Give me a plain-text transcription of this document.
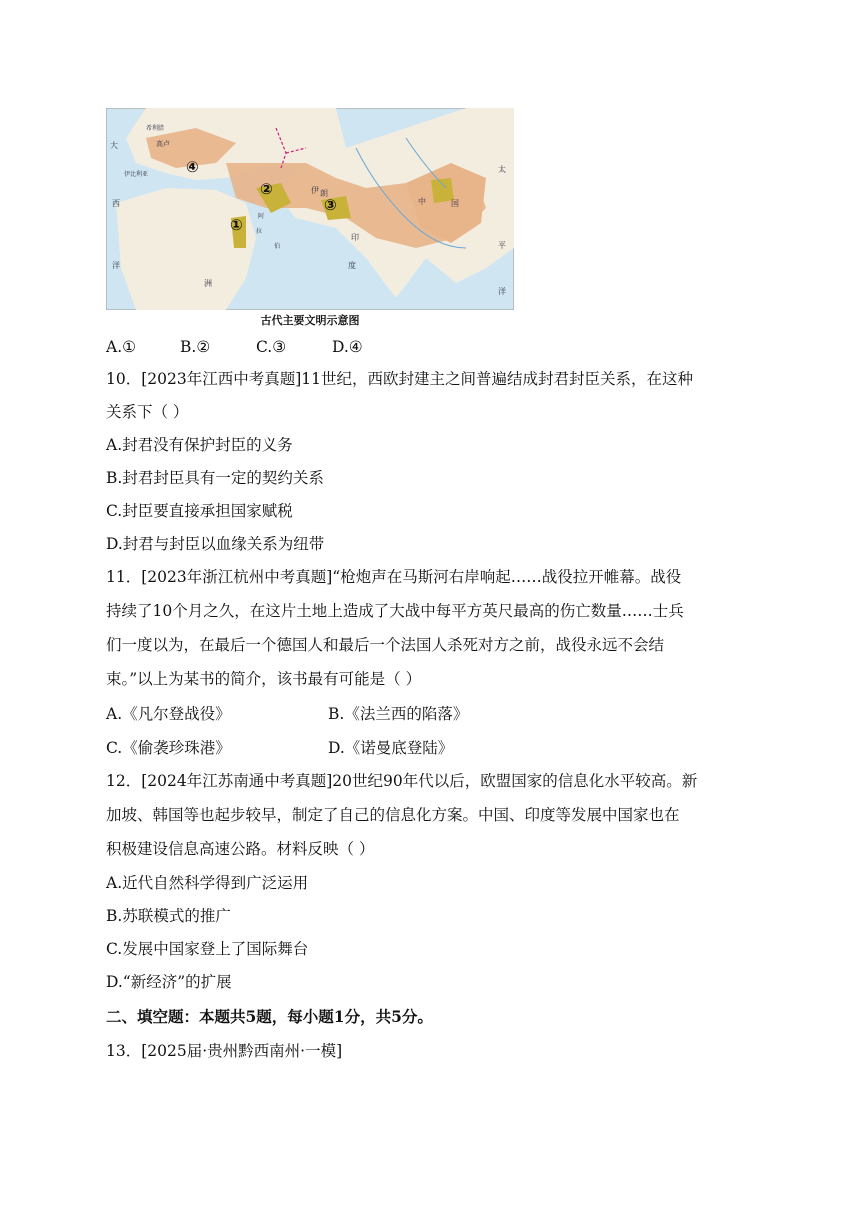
大
西
洋
太
平
洋
洲
希利腊
高卢
伊比利亚
伊 朗
印
度
中	国
阿
拉
伯
①
②
③
④
古代主要文明示意图
A.①	B.②	C.③	D.④
10．[2023年江西中考真题]11世纪，西欧封建主之间普遍结成封君封臣关系，在这种
关系下（ ）
A.封君没有保护封臣的义务
B.封君封臣具有一定的契约关系
C.封臣要直接承担国家赋税
D.封君与封臣以血缘关系为纽带
11．[2023年浙江杭州中考真题]“枪炮声在马斯河右岸响起……战役拉开帷幕。战役
持续了10个月之久，在这片土地上造成了大战中每平方英尺最高的伤亡数量……士兵
们一度以为，在最后一个德国人和最后一个法国人杀死对方之前，战役永远不会结
束。”以上为某书的简介，该书最有可能是（ ）
A.《凡尔登战役》	B.《法兰西的陷落》
C.《偷袭珍珠港》	D.《诺曼底登陆》
12．[2024年江苏南通中考真题]20世纪90年代以后，欧盟国家的信息化水平较高。新
加坡、韩国等也起步较早，制定了自己的信息化方案。中国、印度等发展中国家也在
积极建设信息高速公路。材料反映（ ）
A.近代自然科学得到广泛运用
B.苏联模式的推广
C.发展中国家登上了国际舞台
D.“新经济”的扩展
二、填空题：本题共5题，每小题1分，共5分。
13．[2025届·贵州黔西南州·一模]
